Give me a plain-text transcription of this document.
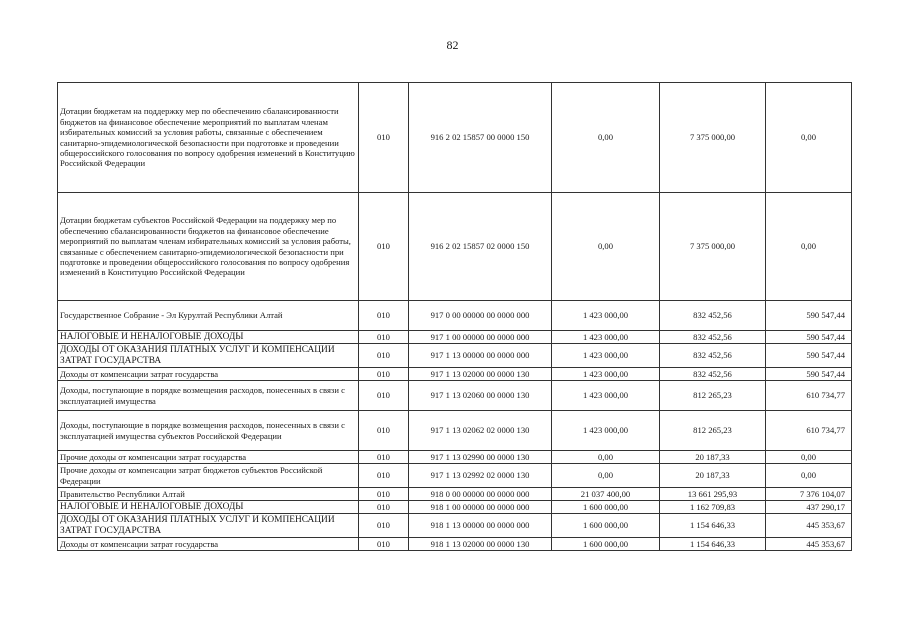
82
Дотации бюджетам на поддержку мер по обеспечению сбалансированности бюджетов на финансовое обеспечение мероприятий по выплатам членам избирательных комиссий за условия работы, связанные с обеспечением санитарно-эпидемиологической безопасности при подготовке и проведении общероссийского голосования по вопросу одобрения изменений в Конституцию Российской Федерации	010	916 2 02 15857 00 0000 150	0,00	7 375 000,00	0,00
Дотации бюджетам субъектов Российской Федерации на поддержку мер по обеспечению сбалансированности бюджетов на финансовое обеспечение мероприятий по выплатам членам избирательных комиссий за условия работы, связанные с обеспечением санитарно-эпидемиологической безопасности при подготовке и проведении общероссийского голосования по вопросу одобрения изменений в Конституцию Российской Федерации	010	916 2 02 15857 02 0000 150	0,00	7 375 000,00	0,00
Государственное Собрание - Эл Курултай Республики Алтай	010	917 0 00 00000 00 0000 000	1 423 000,00	832 452,56	590 547,44
НАЛОГОВЫЕ И НЕНАЛОГОВЫЕ ДОХОДЫ	010	917 1 00 00000 00 0000 000	1 423 000,00	832 452,56	590 547,44
ДОХОДЫ ОТ ОКАЗАНИЯ ПЛАТНЫХ УСЛУГ И КОМПЕНСАЦИИ ЗАТРАТ ГОСУДАРСТВА	010	917 1 13 00000 00 0000 000	1 423 000,00	832 452,56	590 547,44
Доходы от компенсации затрат государства	010	917 1 13 02000 00 0000 130	1 423 000,00	832 452,56	590 547,44
Доходы, поступающие в порядке возмещения расходов, понесенных в связи с эксплуатацией имущества	010	917 1 13 02060 00 0000 130	1 423 000,00	812 265,23	610 734,77
Доходы, поступающие в порядке возмещения расходов, понесенных в связи с эксплуатацией имущества субъектов Российской Федерации	010	917 1 13 02062 02 0000 130	1 423 000,00	812 265,23	610 734,77
Прочие доходы от компенсации затрат государства	010	917 1 13 02990 00 0000 130	0,00	20 187,33	0,00
Прочие доходы от компенсации затрат бюджетов субъектов Российской Федерации	010	917 1 13 02992 02 0000 130	0,00	20 187,33	0,00
Правительство Республики Алтай	010	918 0 00 00000 00 0000 000	21 037 400,00	13 661 295,93	7 376 104,07
НАЛОГОВЫЕ И НЕНАЛОГОВЫЕ ДОХОДЫ	010	918 1 00 00000 00 0000 000	1 600 000,00	1 162 709,83	437 290,17
ДОХОДЫ ОТ ОКАЗАНИЯ ПЛАТНЫХ УСЛУГ И КОМПЕНСАЦИИ ЗАТРАТ ГОСУДАРСТВА	010	918 1 13 00000 00 0000 000	1 600 000,00	1 154 646,33	445 353,67
Доходы от компенсации затрат государства	010	918 1 13 02000 00 0000 130	1 600 000,00	1 154 646,33	445 353,67
